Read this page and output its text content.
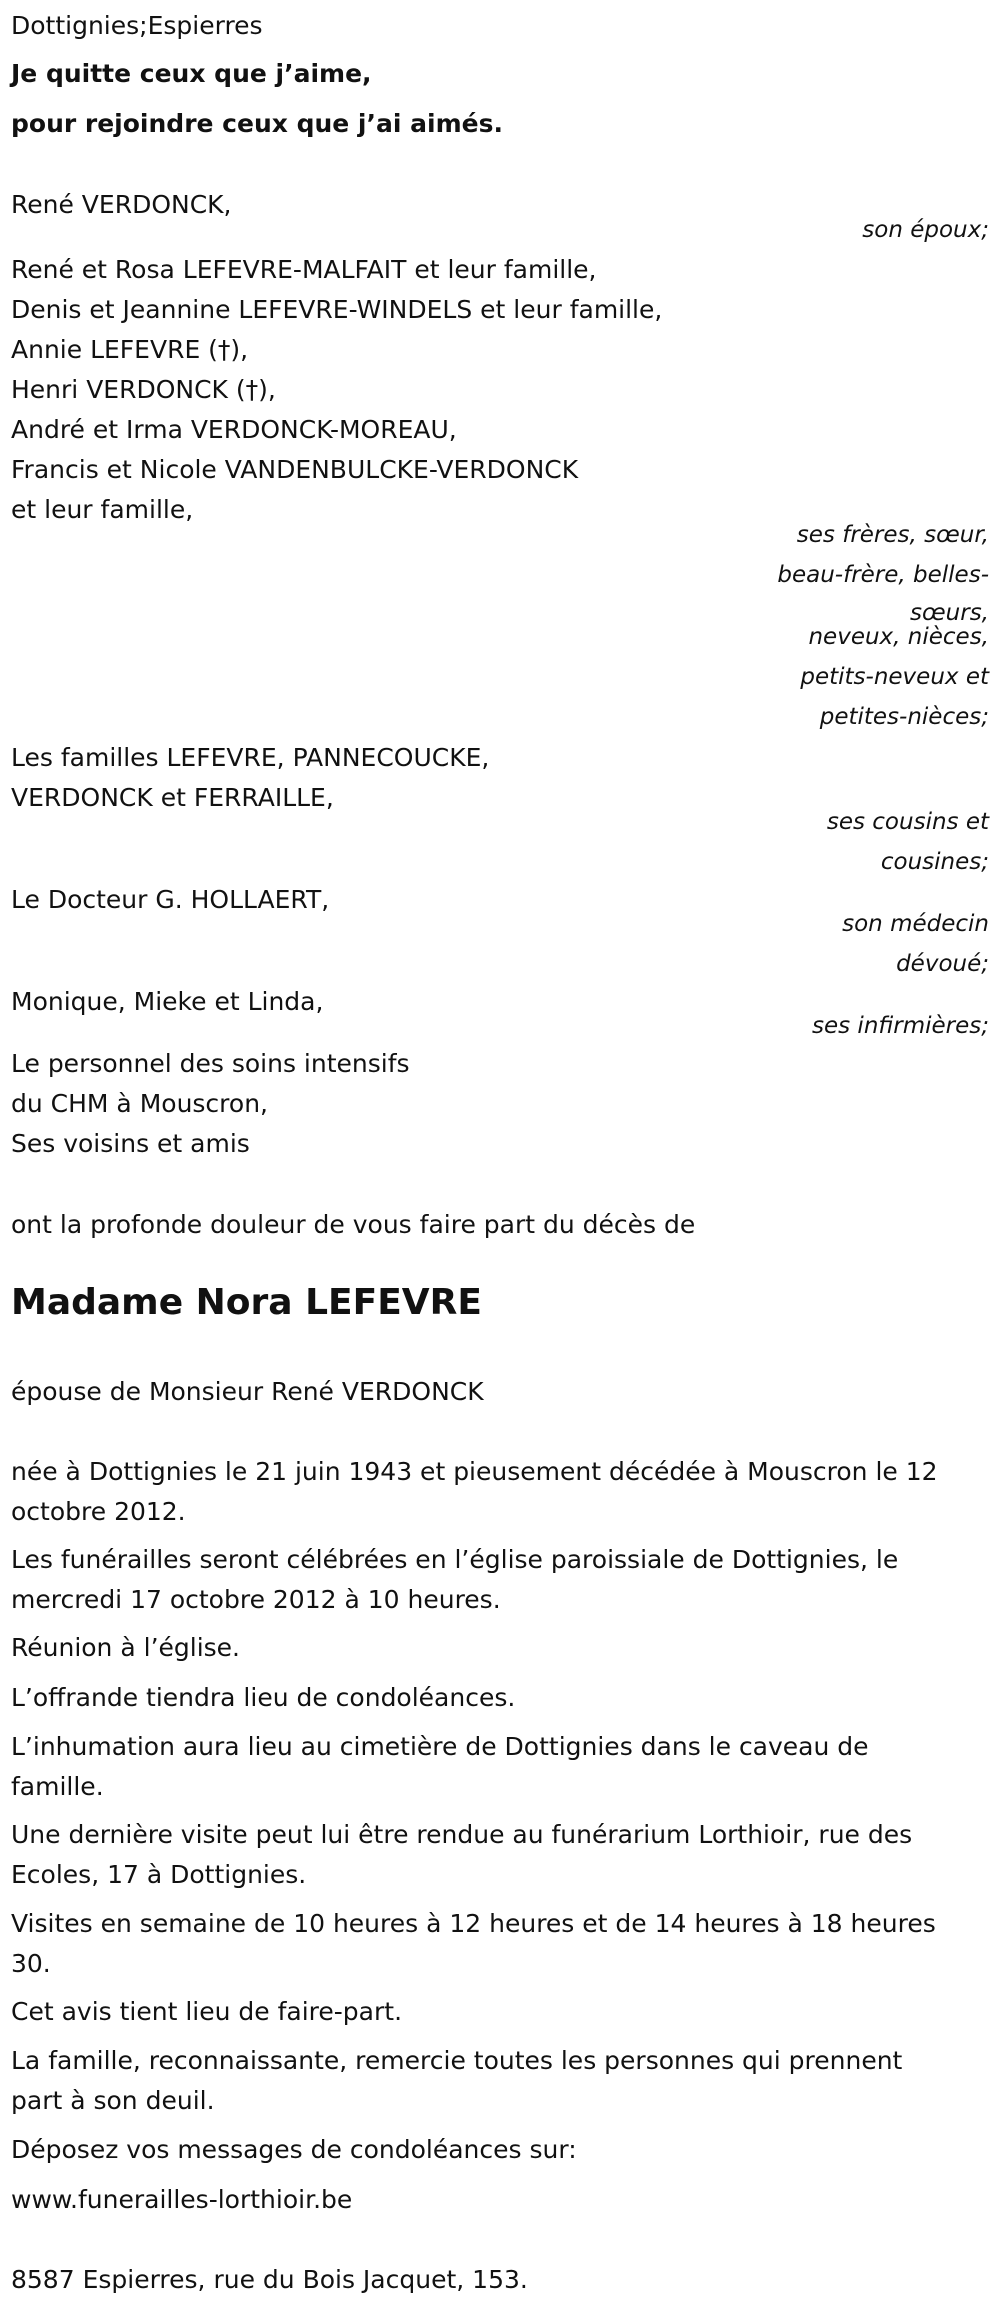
Dottignies;Espierres

Je quitte ceux que j’aime,

pour rejoindre ceux que j’ai aimés.

René VERDONCK,

son époux;

René et Rosa LEFEVRE-MALFAIT et leur famille,

Denis et Jeannine LEFEVRE-WINDELS et leur famille,

Annie LEFEVRE (†),

Henri VERDONCK (†),

André et Irma VERDONCK-MOREAU,

Francis et Nicole VANDENBULCKE-VERDONCK

et leur famille,

ses frères, sœur,

beau-frère, belles-

sœurs,

neveux, nièces,

petits-neveux et

petites-nièces;

Les familles LEFEVRE, PANNECOUCKE,

VERDONCK et FERRAILLE,

ses cousins et

cousines;

Le Docteur G. HOLLAERT,

son médecin

dévoué;

Monique, Mieke et Linda,

ses infirmières;

Le personnel des soins intensifs

du CHM à Mouscron,

Ses voisins et amis

ont la profonde douleur de vous faire part du décès de

Madame Nora LEFEVRE

épouse de Monsieur René VERDONCK

née à Dottignies le 21 juin 1943 et pieusement décédée à Mouscron le 12 octobre 2012.

Les funérailles seront célébrées en l’église paroissiale de Dottignies, le mercredi 17 octobre 2012 à 10 heures.

Réunion à l’église.

L’offrande tiendra lieu de condoléances.

L’inhumation aura lieu au cimetière de Dottignies dans le caveau de famille.

Une dernière visite peut lui être rendue au funérarium Lorthioir, rue des Ecoles, 17 à Dottignies.

Visites en semaine de 10 heures à 12 heures et de 14 heures à 18 heures 30.

Cet avis tient lieu de faire-part.

La famille, reconnaissante, remercie toutes les personnes qui prennent part à son deuil.

Déposez vos messages de condoléances sur:

www.funerailles-lorthioir.be

8587 Espierres, rue du Bois Jacquet, 153.
